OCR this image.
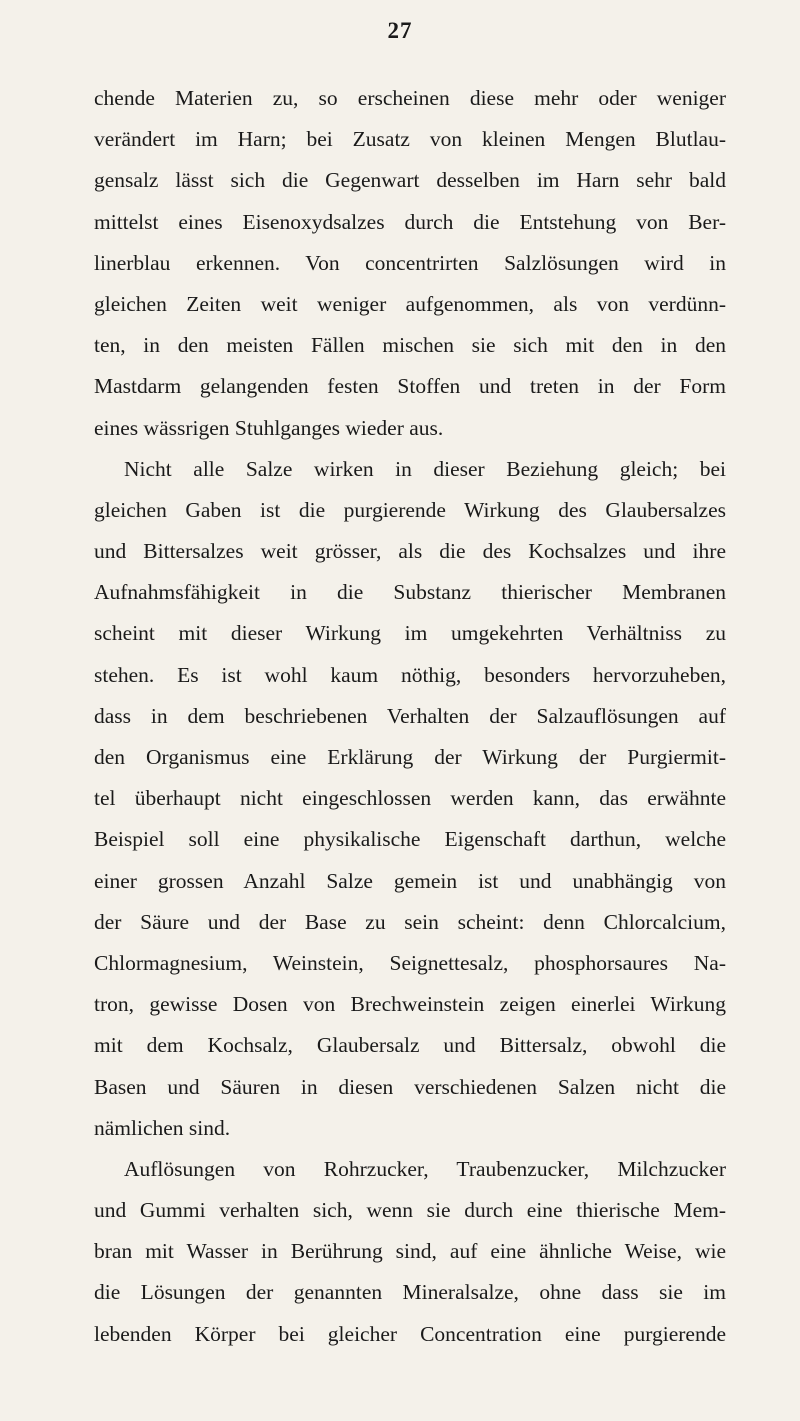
27
chende Materien zu, so erscheinen diese mehr oder weniger
verändert im Harn; bei Zusatz von kleinen Mengen Blutlau-
gensalz lässt sich die Gegenwart desselben im Harn sehr bald
mittelst eines Eisenoxydsalzes durch die Entstehung von Ber-
linerblau erkennen. Von concentrirten Salzlösungen wird in
gleichen Zeiten weit weniger aufgenommen, als von verdünn-
ten, in den meisten Fällen mischen sie sich mit den in den
Mastdarm gelangenden festen Stoffen und treten in der Form
eines wässrigen Stuhlganges wieder aus.
Nicht alle Salze wirken in dieser Beziehung gleich; bei
gleichen Gaben ist die purgierende Wirkung des Glaubersalzes
und Bittersalzes weit grösser, als die des Kochsalzes und ihre
Aufnahmsfähigkeit in die Substanz thierischer Membranen
scheint mit dieser Wirkung im umgekehrten Verhältniss zu
stehen. Es ist wohl kaum nöthig, besonders hervorzuheben,
dass in dem beschriebenen Verhalten der Salzauflösungen auf
den Organismus eine Erklärung der Wirkung der Purgiermit-
tel überhaupt nicht eingeschlossen werden kann, das erwähnte
Beispiel soll eine physikalische Eigenschaft darthun, welche
einer grossen Anzahl Salze gemein ist und unabhängig von
der Säure und der Base zu sein scheint: denn Chlorcalcium,
Chlormagnesium, Weinstein, Seignettesalz, phosphorsaures Na-
tron, gewisse Dosen von Brechweinstein zeigen einerlei Wirkung
mit dem Kochsalz, Glaubersalz und Bittersalz, obwohl die
Basen und Säuren in diesen verschiedenen Salzen nicht die
nämlichen sind.
Auflösungen von Rohrzucker, Traubenzucker, Milchzucker
und Gummi verhalten sich, wenn sie durch eine thierische Mem-
bran mit Wasser in Berührung sind, auf eine ähnliche Weise, wie
die Lösungen der genannten Mineralsalze, ohne dass sie im
lebenden Körper bei gleicher Concentration eine purgierende
